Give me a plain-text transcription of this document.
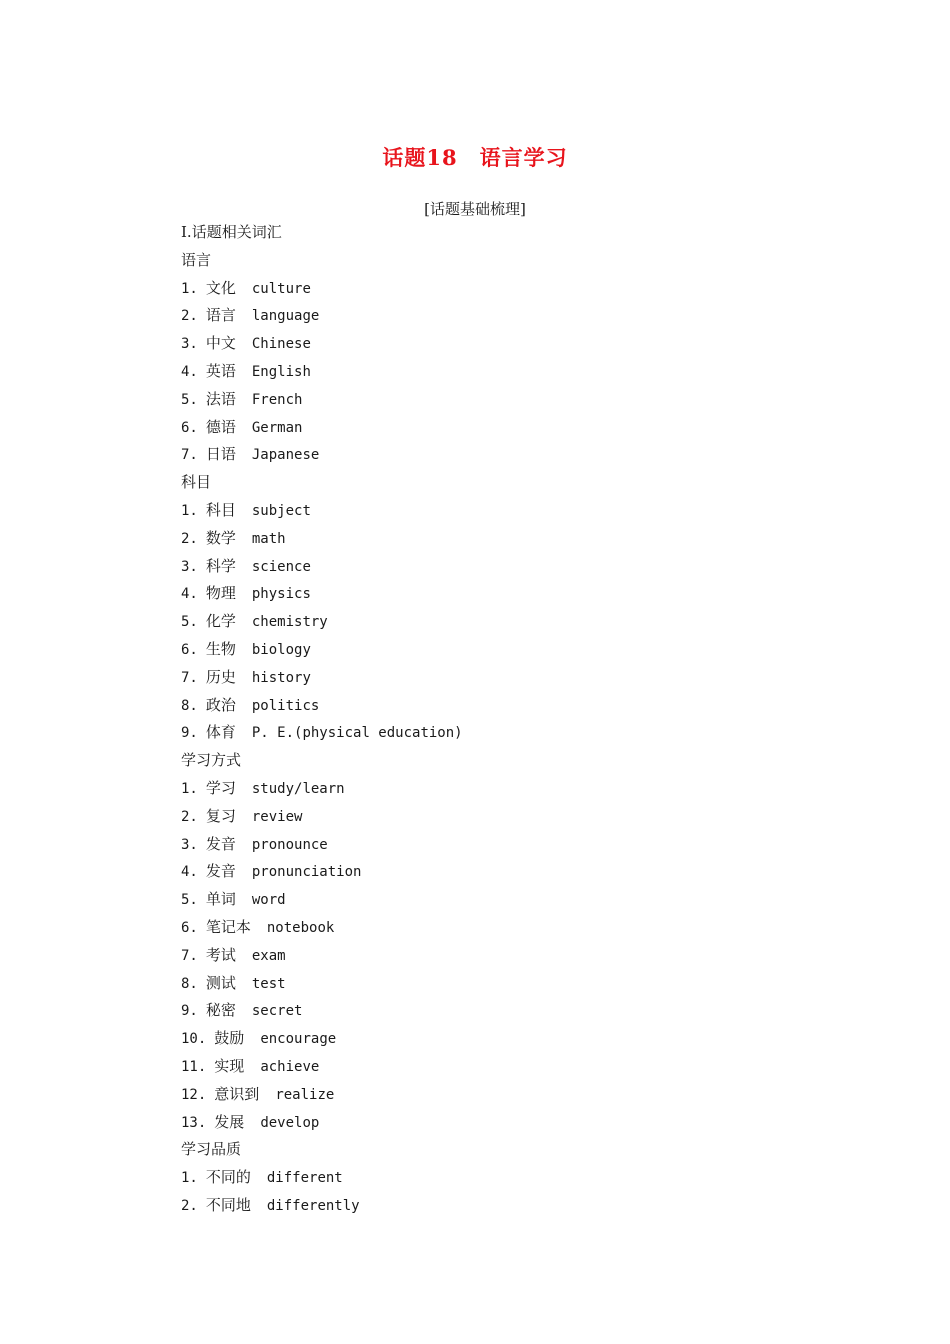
话题18 语言学习
[话题基础梳理]
Ⅰ.话题相关词汇
语言
1. 文化 culture
2. 语言 language
3. 中文 Chinese
4. 英语 English
5. 法语 French
6. 德语 German
7. 日语 Japanese
科目
1. 科目 subject
2. 数学 math
3. 科学 science
4. 物理 physics
5. 化学 chemistry
6. 生物 biology
7. 历史 history
8. 政治 politics
9. 体育 P. E.(physical education)
学习方式
1. 学习 study/learn
2. 复习 review
3. 发音 pronounce
4. 发音 pronunciation
5. 单词 word
6. 笔记本 notebook
7. 考试 exam
8. 测试 test
9. 秘密 secret
10. 鼓励 encourage
11. 实现 achieve
12. 意识到 realize
13. 发展 develop
学习品质
1. 不同的 different
2. 不同地 differently
